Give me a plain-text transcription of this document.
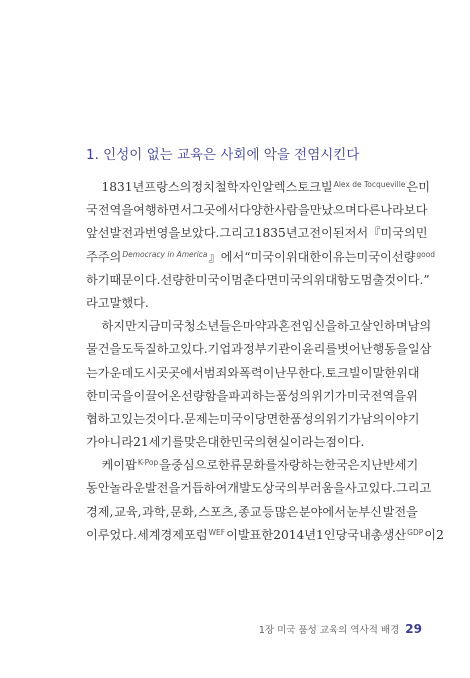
1. 인성이 없는 교육은 사회에 악을 전염시킨다
1831년 프랑스의 정치철학자인 알렉스 토크빌 Alex de Tocqueville 은 미
국 전역을 여행하면서 그곳에서 다양한 사람을 만났으며 다른 나라보다
앞선 발전과 번영을 보았다. 그리고 1835년 고전이 된 저서 『미국의 민
주주의 Democracy in America 』에서 “미국이 위대한 이유는 미국이 선량 good
하기 때문이다. 선량한 미국이 멈춘다면 미국의 위대함도 멈출 것이다.”
라고 말했다.
하지만 지금 미국 청소년들은 마약과 혼전임신을 하고 살인하며 남의
물건을 도둑질하고 있다. 기업과 정부기관이 윤리를 벗어난 행동을 일삼
는 가운데 도시 곳곳에서 범죄와 폭력이 난무한다. 토크빌이 말한 위대
한 미국을 이끌어 온 선량함을 파괴하는 품성의 위기가 미국 전역을 위
협하고 있는 것이다. 문제는 미국이 당면한 품성의 위기가 남의 이야기
가 아니라 21세기를 맞은 대한민국의 현실이라는 점이다.
케이팝 K-Pop 을 중심으로 한류 문화를 자랑하는 한국은 지난 반세기
동안 놀라운 발전을 거듭하여 개발도상국의 부러움을 사고 있다. 그리고
경제, 교육, 과학, 문화, 스포츠, 종교 등 많은 분야에서 눈부신 발전을
이루었다. 세계경제포럼 WEF 이 발표한 2014년 1인당 국내총생산 GDP 이 2
1장 미국 품성 교육의 역사적 배경 29
